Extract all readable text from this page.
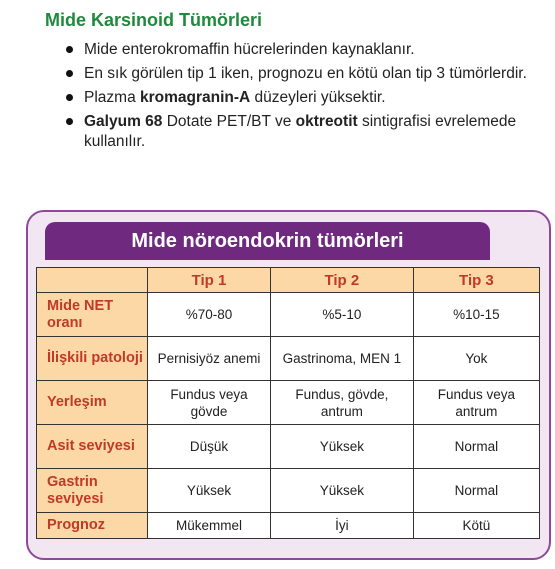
Mide Karsinoid Tümörleri
Mide enterokromaffin hücrelerinden kaynaklanır.
En sık görülen tip 1 iken, prognozu en kötü olan tip 3 tümörlerdir.
Plazma kromagranin-A düzeyleri yüksektir.
Galyum 68 Dotate PET/BT ve oktreotit sintigrafisi evrelemede kullanılır.
Mide nöroendokrin tümörleri
	Tip 1	Tip 2	Tip 3
Mide NET oranı	%70-80	%5-10	%10-15
İlişkili patoloji	Pernisiyöz anemi	Gastrinoma, MEN 1	Yok
Yerleşim	Fundus veya gövde	Fundus, gövde, antrum	Fundus veya antrum
Asit seviyesi	Düşük	Yüksek	Normal
Gastrin seviyesi	Yüksek	Yüksek	Normal
Prognoz	Mükemmel	İyi	Kötü
